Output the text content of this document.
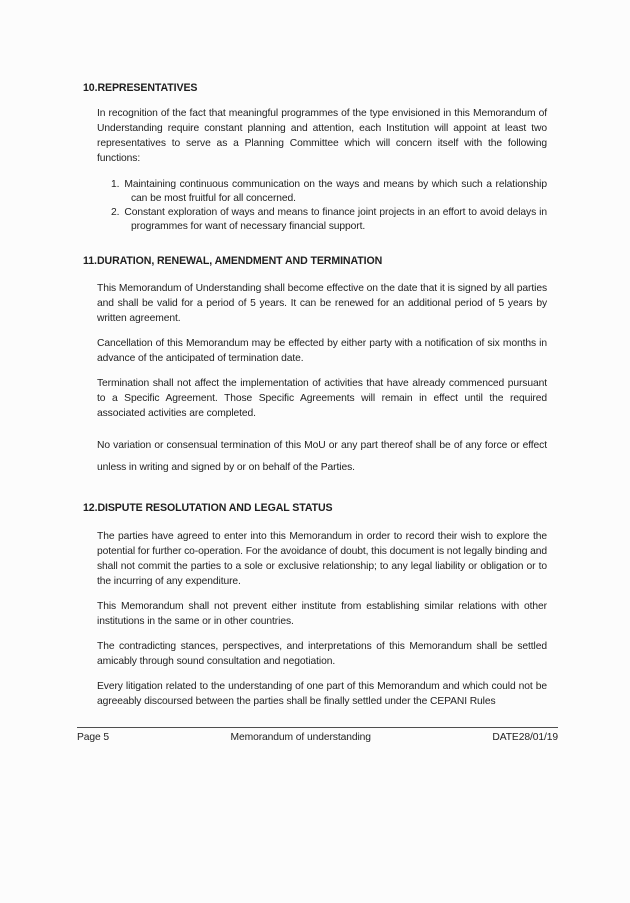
10. REPRESENTATIVES

In recognition of the fact that meaningful programmes of the type envisioned in this Memorandum of Understanding require constant planning and attention, each Institution will appoint at least two representatives to serve as a Planning Committee which will concern itself with the following functions:

1. Maintaining continuous communication on the ways and means by which such a relationship can be most fruitful for all concerned.
2. Constant exploration of ways and means to finance joint projects in an effort to avoid delays in programmes for want of necessary financial support.
11. DURATION, RENEWAL, AMENDMENT AND TERMINATION

This Memorandum of Understanding shall become effective on the date that it is signed by all parties and shall be valid for a period of 5 years. It can be renewed for an additional period of 5 years by written agreement.

Cancellation of this Memorandum may be effected by either party with a notification of six months in advance of the anticipated of termination date.

Termination shall not affect the implementation of activities that have already commenced pursuant to a Specific Agreement. Those Specific Agreements will remain in effect until the required associated activities are completed.

No variation or consensual termination of this MoU or any part thereof shall be of any force or effect unless in writing and signed by or on behalf of the Parties.

12. DISPUTE RESOLUTATION AND LEGAL STATUS

The parties have agreed to enter into this Memorandum in order to record their wish to explore the potential for further co-operation. For the avoidance of doubt, this document is not legally binding and shall not commit the parties to a sole or exclusive relationship; to any legal liability or obligation or to the incurring of any expenditure.

This Memorandum shall not prevent either institute from establishing similar relations with other institutions in the same or in other countries.

The contradicting stances, perspectives, and interpretations of this Memorandum shall be settled amicably through sound consultation and negotiation.

Every litigation related to the understanding of one part of this Memorandum and which could not be agreeably discoursed between the parties shall be finally settled under the CEPANI Rules

Page 5	Memorandum of understanding	DATE28/01/19
